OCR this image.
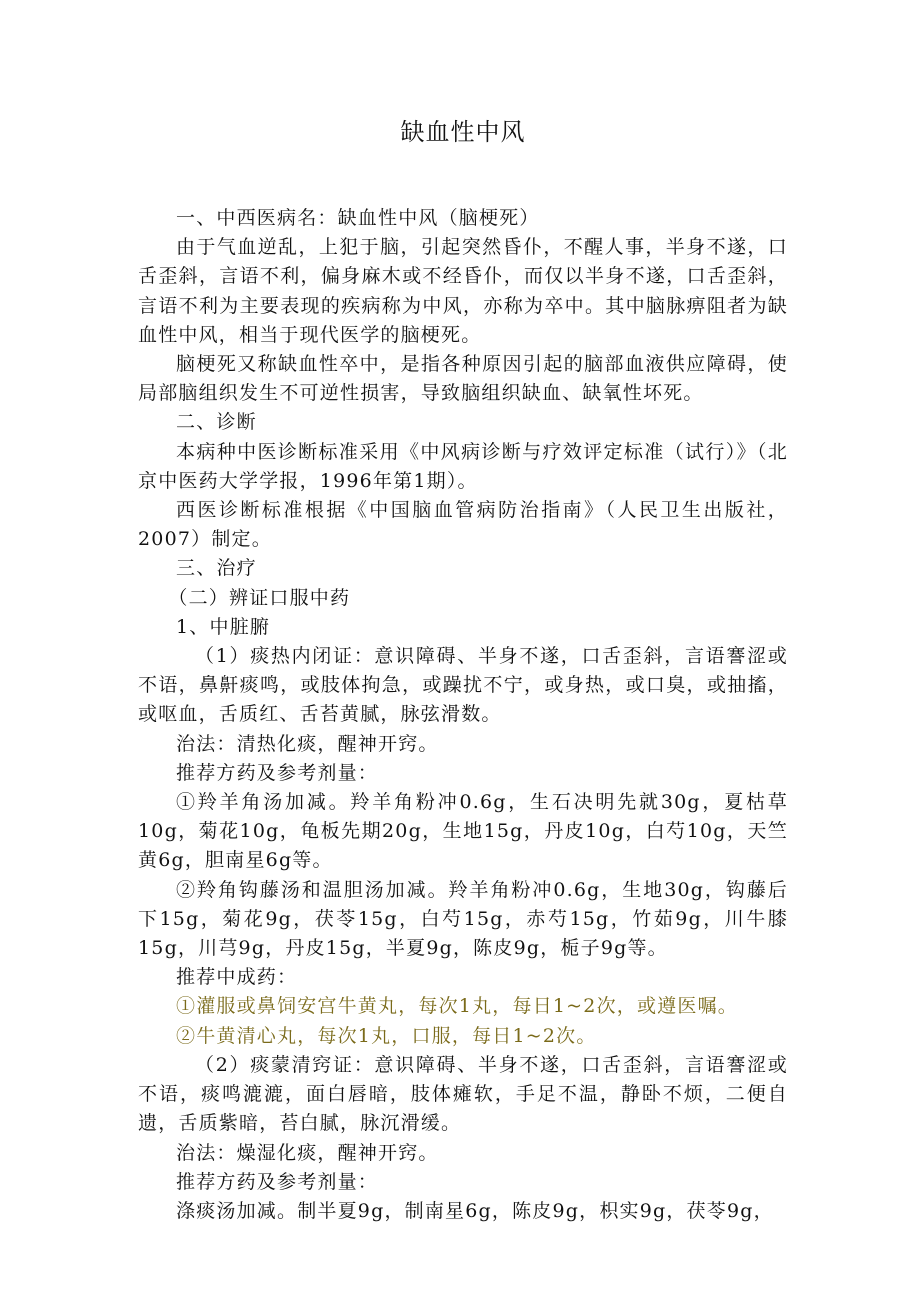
缺血性中风

一、中西医病名：缺血性中风（脑梗死）

由于气血逆乱，上犯于脑，引起突然昏仆，不醒人事，半身不遂，口舌歪斜，言语不利，偏身麻木或不经昏仆，而仅以半身不遂，口舌歪斜，言语不利为主要表现的疾病称为中风，亦称为卒中。其中脑脉痹阻者为缺血性中风，相当于现代医学的脑梗死。

脑梗死又称缺血性卒中，是指各种原因引起的脑部血液供应障碍，使局部脑组织发生不可逆性损害，导致脑组织缺血、缺氧性坏死。

二、诊断

本病种中医诊断标准采用《中风病诊断与疗效评定标准（试行）》（北京中医药大学学报，1996年第1期）。

西医诊断标准根据《中国脑血管病防治指南》（人民卫生出版社，2007）制定。

三、治疗

（二）辨证口服中药

1、中脏腑

（1）痰热内闭证：意识障碍、半身不遂，口舌歪斜，言语謇涩或不语，鼻鼾痰鸣，或肢体拘急，或躁扰不宁，或身热，或口臭，或抽搐，或呕血，舌质红、舌苔黄腻，脉弦滑数。

治法：清热化痰，醒神开窍。

推荐方药及参考剂量：

①羚羊角汤加减。羚羊角粉冲0.6g，生石决明先就30g，夏枯草10g，菊花10g，龟板先期20g，生地15g，丹皮10g，白芍10g，天竺黄6g，胆南星6g等。

②羚角钩藤汤和温胆汤加减。羚羊角粉冲0.6g，生地30g，钩藤后下15g，菊花9g，茯苓15g，白芍15g，赤芍15g，竹茹9g，川牛膝15g，川芎9g，丹皮15g，半夏9g，陈皮9g，栀子9g等。

推荐中成药：

①灌服或鼻饲安宫牛黄丸，每次1丸，每日1~2次，或遵医嘱。

②牛黄清心丸，每次1丸，口服，每日1~2次。

（2）痰蒙清窍证：意识障碍、半身不遂，口舌歪斜，言语謇涩或不语，痰鸣漉漉，面白唇暗，肢体瘫软，手足不温，静卧不烦，二便自遗，舌质紫暗，苔白腻，脉沉滑缓。

治法：燥湿化痰，醒神开窍。

推荐方药及参考剂量：

涤痰汤加减。制半夏9g，制南星6g，陈皮9g，枳实9g，茯苓9g，
